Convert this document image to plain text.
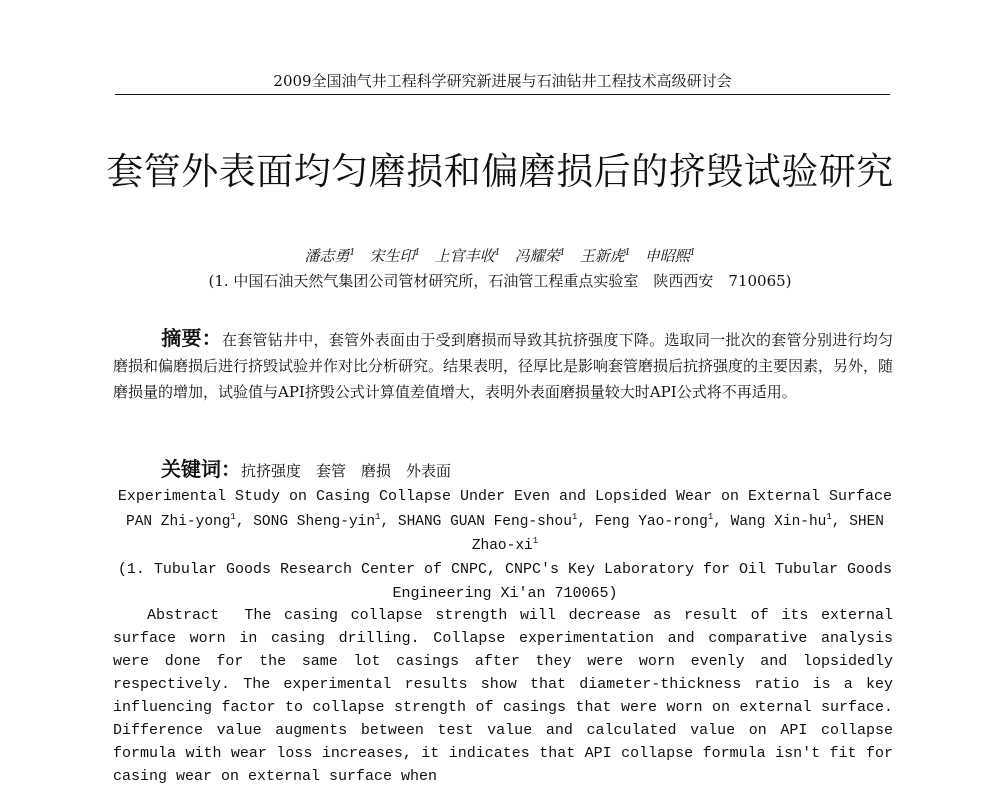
2009全国油气井工程科学研究新进展与石油钻井工程技术高级研讨会
套管外表面均匀磨损和偏磨损后的挤毁试验研究
潘志勇$^1$ 宋生印$^1$ 上官丰收$^1$ 冯耀荣$^1$ 王新虎$^1$ 申昭熙$^1$
(1. 中国石油天然气集团公司管材研究所，石油管工程重点实验室　陕西西安　710065)
摘要：在套管钻井中，套管外表面由于受到磨损而导致其抗挤强度下降。选取同一批次的套管分别进行均匀磨损和偏磨损后进行挤毁试验并作对比分析研究。结果表明，径厚比是影响套管磨损后抗挤强度的主要因素，另外，随磨损量的增加，试验值与API挤毁公式计算值差值增大，表明外表面磨损量较大时API公式将不再适用。
关键词：抗挤强度　套管　磨损　外表面
Experimental Study on Casing Collapse Under Even and Lopsided Wear on External Surface
PAN Zhi-yong$^1$, SONG Sheng-yin$^1$, SHANG GUAN Feng-shou$^1$, Feng Yao-rong$^1$, Wang Xin-$hu^1$, SHEN Zhao-$xi^1$
(1. Tubular Goods Research Center of CNPC, CNPC's Key Laboratory for Oil Tubular Goods Engineering Xi'an 710065)
Abstract The casing collapse strength will decrease as result of its external surface worn in casing drilling. Collapse experimentation and comparative analysis were done for the same lot casings after they were worn evenly and lopsidedly respectively. The experimental results show that diameter-thickness ratio is a key influencing factor to collapse strength of casings that were worn on external surface. Difference value augments between test value and calculated value on API collapse formula with wear loss increases, it indicates that API collapse formula isn't fit for casing wear on external surface when
